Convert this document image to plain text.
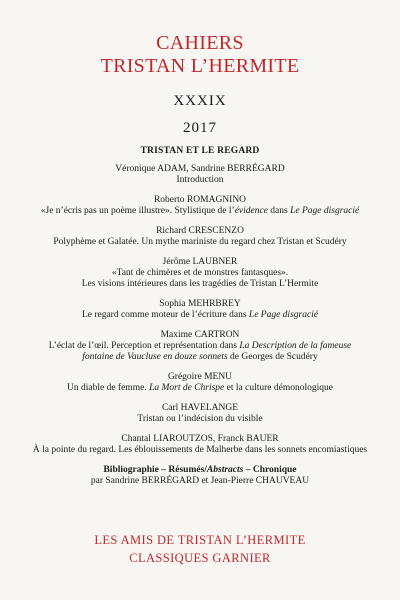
CAHIERS
TRISTAN L’HERMITE
XXXIX
2017
TRISTAN ET LE REGARD
Véronique ADAM, Sandrine BERRÉGARD
Introduction
Roberto ROMAGNINO
«Je n’écris pas un poème illustre». Stylistique de l’évidence dans Le Page disgracié
Richard CRESCENZO
Polyphème et Galatée. Un mythe mariniste du regard chez Tristan et Scudéry
Jérôme LAUBNER
«Tant de chimères et de monstres fantasques».
Les visions intérieures dans les tragédies de Tristan L’Hermite
Sophia MEHRBREY
Le regard comme moteur de l’écriture dans Le Page disgracié
Maxime CARTRON
L’éclat de l’œil. Perception et représentation dans La Description de la fameuse
fontaine de Vaucluse en douze sonnets de Georges de Scudéry
Grégoire MENU
Un diable de femme. La Mort de Chrispe et la culture démonologique
Carl HAVELANGE
Tristan ou l’indécision du visible
Chantal LIAROUTZOS, Franck BAUER
À la pointe du regard. Les éblouissements de Malherbe dans les sonnets encomiastiques
Bibliographie – Résumés/Abstracts – Chronique
par Sandrine BERRÉGARD et Jean-Pierre CHAUVEAU
LES AMIS DE TRISTAN L’HERMITE
CLASSIQUES GARNIER
